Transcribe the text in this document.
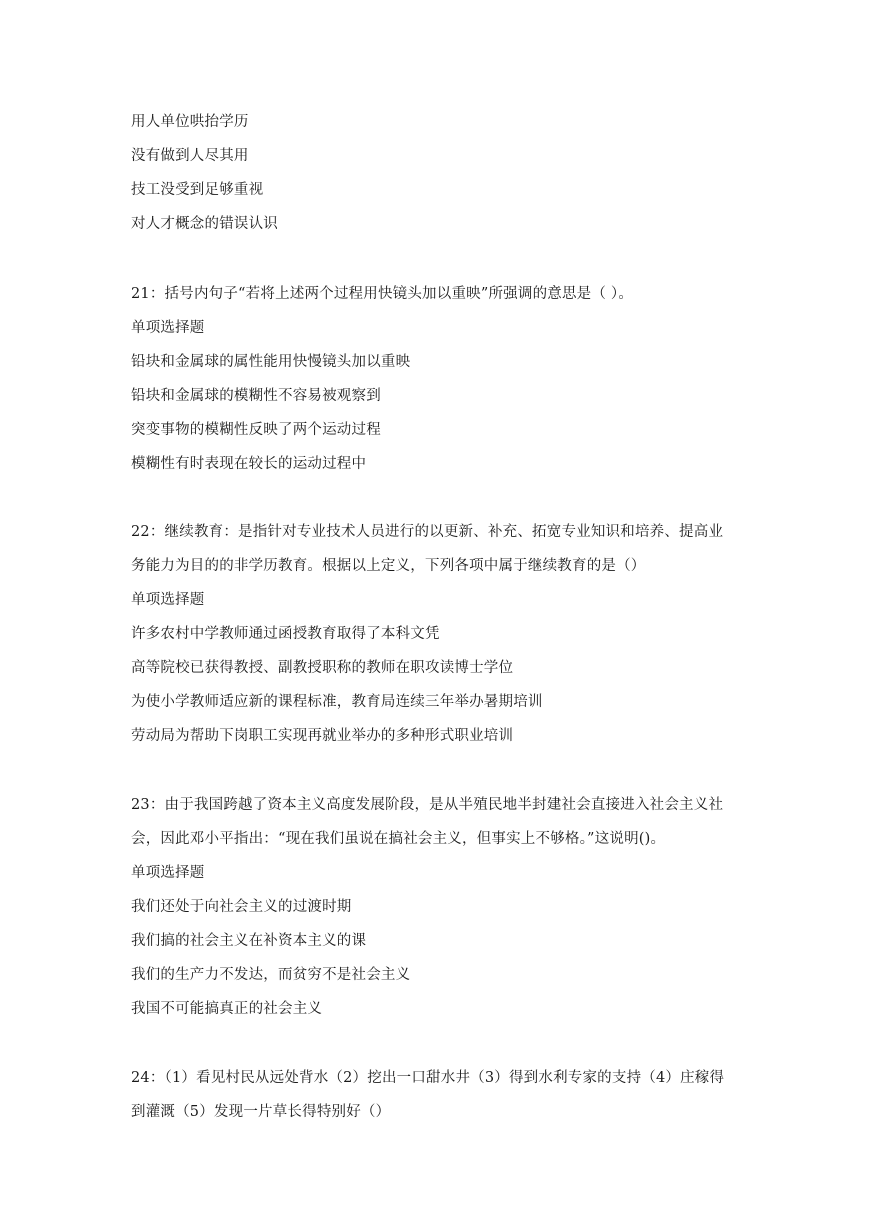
用人单位哄抬学历
没有做到人尽其用
技工没受到足够重视
对人才概念的错误认识
21：括号内句子“若将上述两个过程用快镜头加以重映”所强调的意思是（ ）。
单项选择题
铅块和金属球的属性能用快慢镜头加以重映
铅块和金属球的模糊性不容易被观察到
突变事物的模糊性反映了两个运动过程
模糊性有时表现在较长的运动过程中
22：继续教育：是指针对专业技术人员进行的以更新、补充、拓宽专业知识和培养、提高业
务能力为目的的非学历教育。根据以上定义，下列各项中属于继续教育的是（）
单项选择题
许多农村中学教师通过函授教育取得了本科文凭
高等院校已获得教授、副教授职称的教师在职攻读博士学位
为使小学教师适应新的课程标准，教育局连续三年举办暑期培训
劳动局为帮助下岗职工实现再就业举办的多种形式职业培训
23：由于我国跨越了资本主义高度发展阶段，是从半殖民地半封建社会直接进入社会主义社
会，因此邓小平指出：“现在我们虽说在搞社会主义，但事实上不够格。”这说明()。
单项选择题
我们还处于向社会主义的过渡时期
我们搞的社会主义在补资本主义的课
我们的生产力不发达，而贫穷不是社会主义
我国不可能搞真正的社会主义
24：（1）看见村民从远处背水（2）挖出一口甜水井（3）得到水利专家的支持（4）庄稼得
到灌溉（5）发现一片草长得特别好（）
